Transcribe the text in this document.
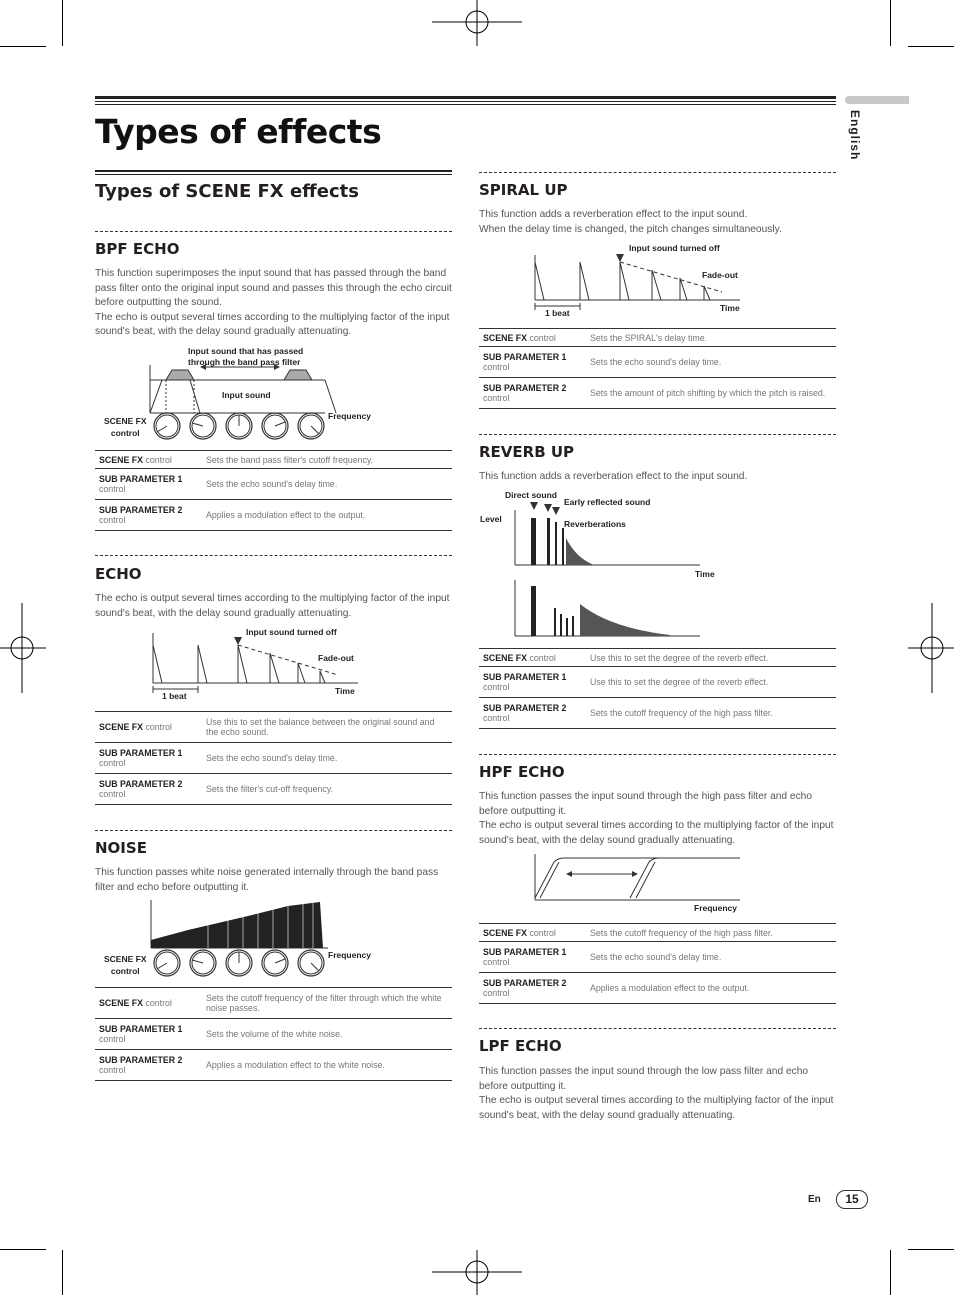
Types of effects	English
Types of SCENE FX effects
BPF ECHO

This function superimposes the input sound that has passed through the band pass filter onto the original input sound and passes this through the echo circuit before outputting the sound.

The echo is output several times according to the multiplying factor of the input sound's beat, with the delay sound gradually attenuating.

Input sound that has passed
through the band pass filter
Input sound
Frequency
SCENE FX
control
SCENE FX control	Sets the band pass filter's cutoff frequency.
SUB PARAMETER 1
control	Sets the echo sound's delay time.
SUB PARAMETER 2
control	Applies a modulation effect to the output.
ECHO

The echo is output several times according to the multiplying factor of the input sound's beat, with the delay sound gradually attenuating.

Input sound turned off
Fade-out
1 beat	Time
SCENE FX control	Use this to set the balance between the original sound and the echo sound.
SUB PARAMETER 1
control	Sets the echo sound's delay time.
SUB PARAMETER 2
control	Sets the filter's cut-off frequency.
NOISE

This function passes white noise generated internally through the band pass filter and echo before outputting it.

Frequency
SCENE FX
control
SCENE FX control	Sets the cutoff frequency of the filter through which the white noise passes.
SUB PARAMETER 1
control	Sets the volume of the white noise.
SUB PARAMETER 2
control	Applies a modulation effect to the white noise.
SPIRAL UP

This function adds a reverberation effect to the input sound.

When the delay time is changed, the pitch changes simultaneously.

Input sound turned off
Fade-out
1 beat	Time
SCENE FX control	Sets the SPIRAL's delay time.
SUB PARAMETER 1
control	Sets the echo sound's delay time.
SUB PARAMETER 2
control	Sets the amount of pitch shifting by which the pitch is raised.
REVERB UP

This function adds a reverberation effect to the input sound.

Direct sound
Early reflected sound
Reverberations
Level
Time
SCENE FX control	Use this to set the degree of the reverb effect.
SUB PARAMETER 1
control	Use this to set the degree of the reverb effect.
SUB PARAMETER 2
control	Sets the cutoff frequency of the high pass filter.
HPF ECHO

This function passes the input sound through the high pass filter and echo before outputting it.

The echo is output several times according to the multiplying factor of the input sound's beat, with the delay sound gradually attenuating.

Frequency
SCENE FX control	Sets the cutoff frequency of the high pass filter.
SUB PARAMETER 1
control	Sets the echo sound's delay time.
SUB PARAMETER 2
control	Applies a modulation effect to the output.
LPF ECHO

This function passes the input sound through the low pass filter and echo before outputting it.

The echo is output several times according to the multiplying factor of the input sound's beat, with the delay sound gradually attenuating.

En	15
